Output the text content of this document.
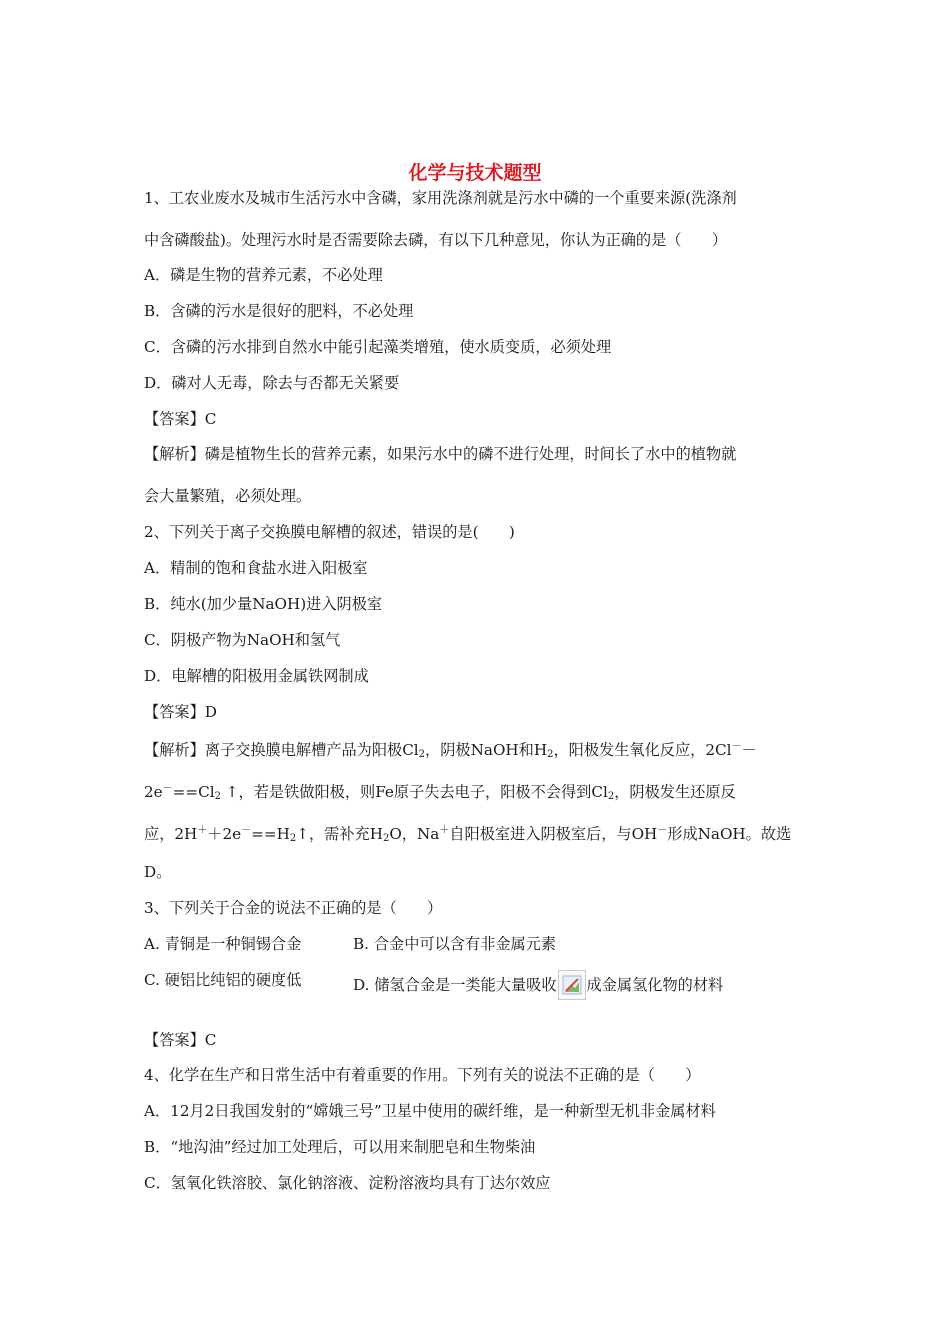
化学与技术题型
1、工农业废水及城市生活污水中含磷，家用洗涤剂就是污水中磷的一个重要来源(洗涤剂
中含磷酸盐)。处理污水时是否需要除去磷，有以下几种意见，你认为正确的是（　　）
A．磷是生物的营养元素，不必处理
B．含磷的污水是很好的肥料，不必处理
C．含磷的污水排到自然水中能引起藻类增殖，使水质变质，必须处理
D．磷对人无毒，除去与否都无关紧要
【答案】C
【解析】磷是植物生长的营养元素，如果污水中的磷不进行处理，时间长了水中的植物就
会大量繁殖，必须处理。
2、下列关于离子交换膜电解槽的叙述，错误的是(　　)
A．精制的饱和食盐水进入阳极室
B．纯水(加少量NaOH)进入阴极室
C．阴极产物为NaOH和氢气
D．电解槽的阳极用金属铁网制成
【答案】D
【解析】离子交换膜电解槽产品为阳极$Cl_2$，阴极NaOH和$H_2$，阳极发生氧化反应，2Cl－－
$2e^-==Cl_2$ ↑，若是铁做阳极，则Fe原子失去电子，阳极不会得到$Cl_2$，阴极发生还原反
应，$2H^++2e^-==H_2↑$，需补充$H_2O$，Na＋自阳极室进入阴极室后，与OH－形成NaOH。故选
D。
3、下列关于合金的说法不正确的是（　　）
A. 青铜是一种铜锡合金	B. 合金中可以含有非金属元素
C. 硬铝比纯铝的硬度低	D. 储氢合金是一类能大量吸收 成金属氢化物的材料
【答案】C
4、化学在生产和日常生活中有着重要的作用。下列有关的说法不正确的是（　　）
A．12月2日我国发射的“嫦娥三号”卫星中使用的碳纤维，是一种新型无机非金属材料
B．“地沟油”经过加工处理后，可以用来制肥皂和生物柴油
C．氢氧化铁溶胶、氯化钠溶液、淀粉溶液均具有丁达尔效应
